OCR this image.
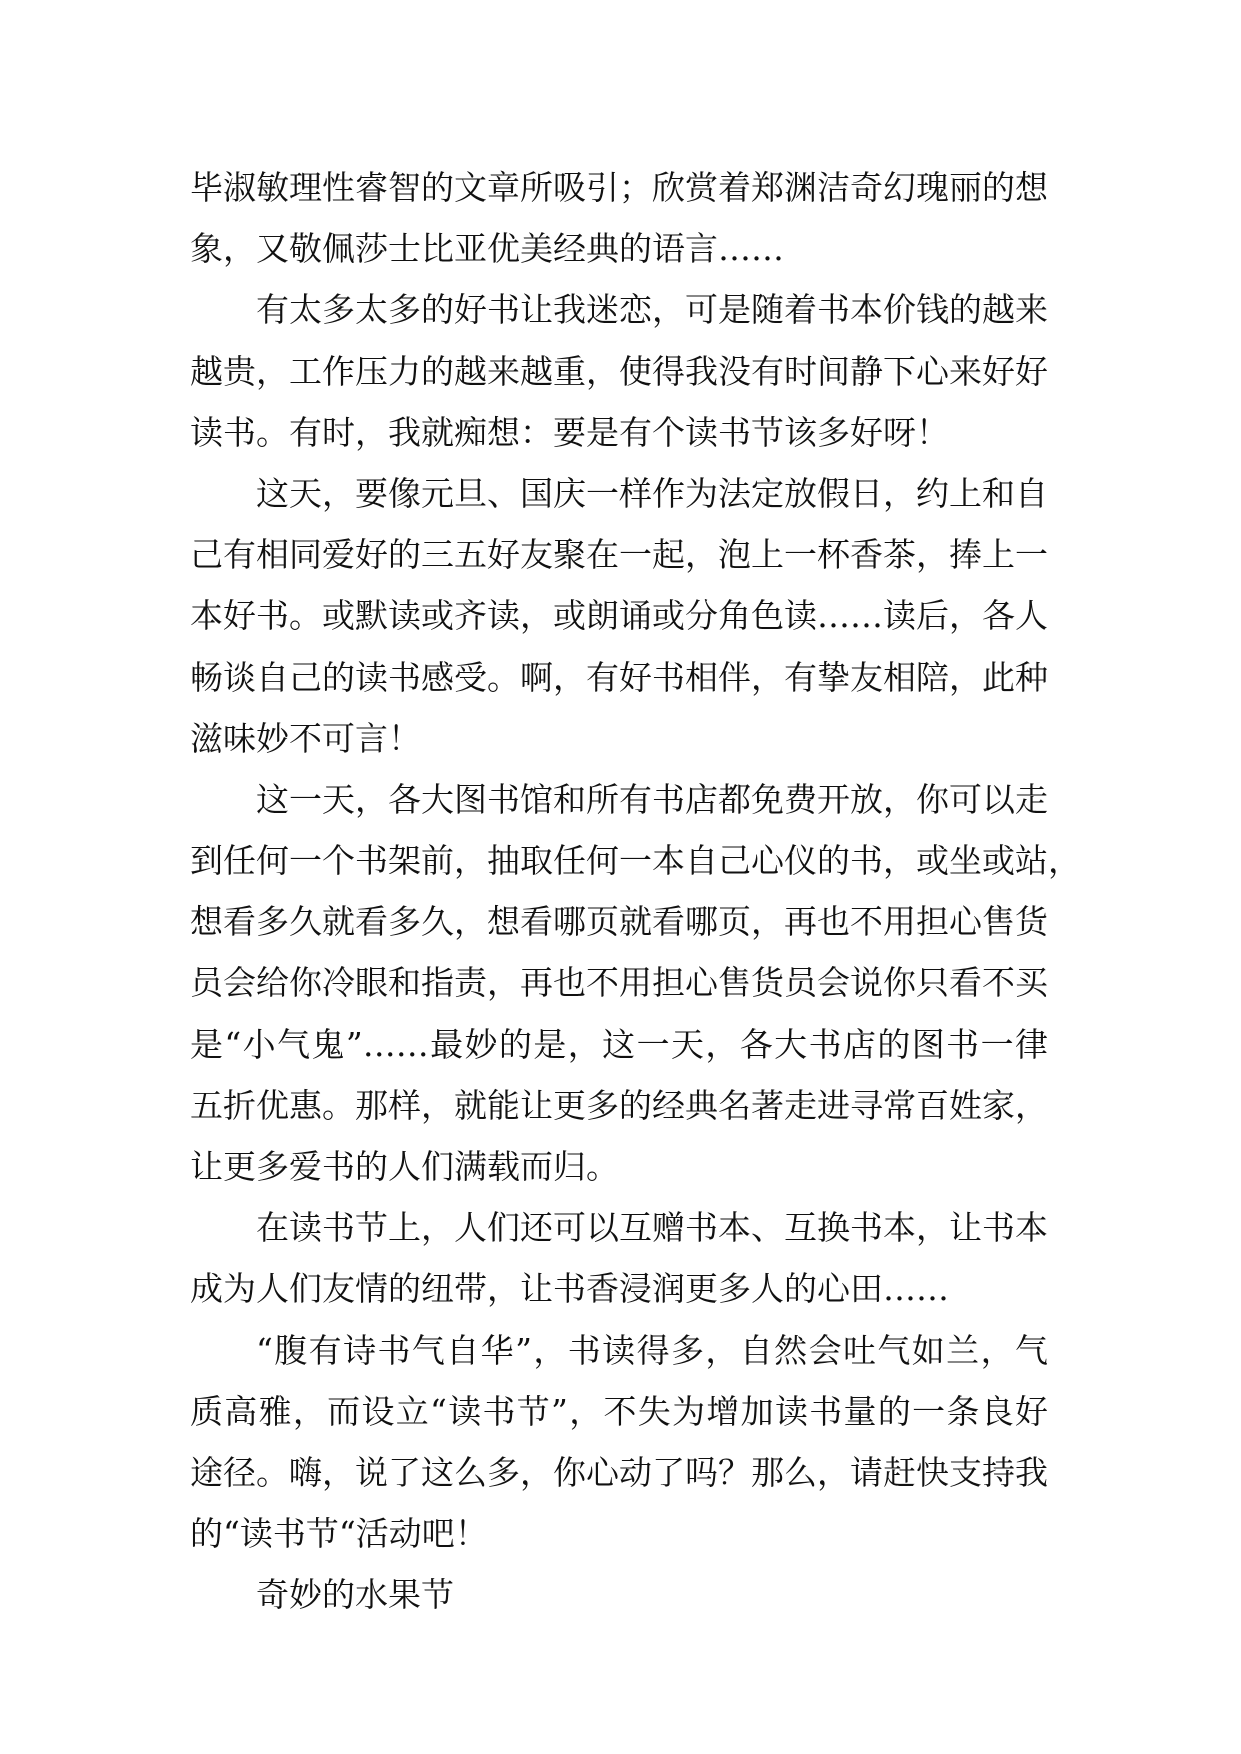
毕淑敏理性睿智的文章所吸引；欣赏着郑渊洁奇幻瑰丽的想
象，又敬佩莎士比亚优美经典的语言……
有太多太多的好书让我迷恋，可是随着书本价钱的越来
越贵，工作压力的越来越重，使得我没有时间静下心来好好
读书。有时，我就痴想：要是有个读书节该多好呀！
这天，要像元旦、国庆一样作为法定放假日，约上和自
己有相同爱好的三五好友聚在一起，泡上一杯香茶，捧上一
本好书。或默读或齐读，或朗诵或分角色读……读后，各人
畅谈自己的读书感受。啊，有好书相伴，有挚友相陪，此种
滋味妙不可言！
这一天，各大图书馆和所有书店都免费开放，你可以走
到任何一个书架前，抽取任何一本自己心仪的书，或坐或站，
想看多久就看多久，想看哪页就看哪页，再也不用担心售货
员会给你冷眼和指责，再也不用担心售货员会说你只看不买
是“小气鬼”……最妙的是，这一天，各大书店的图书一律
五折优惠。那样，就能让更多的经典名著走进寻常百姓家，
让更多爱书的人们满载而归。
在读书节上，人们还可以互赠书本、互换书本，让书本
成为人们友情的纽带，让书香浸润更多人的心田……
“腹有诗书气自华”，书读得多，自然会吐气如兰，气
质高雅，而设立“读书节”，不失为增加读书量的一条良好
途径。嗨，说了这么多，你心动了吗？那么，请赶快支持我
的“读书节“活动吧！
奇妙的水果节
